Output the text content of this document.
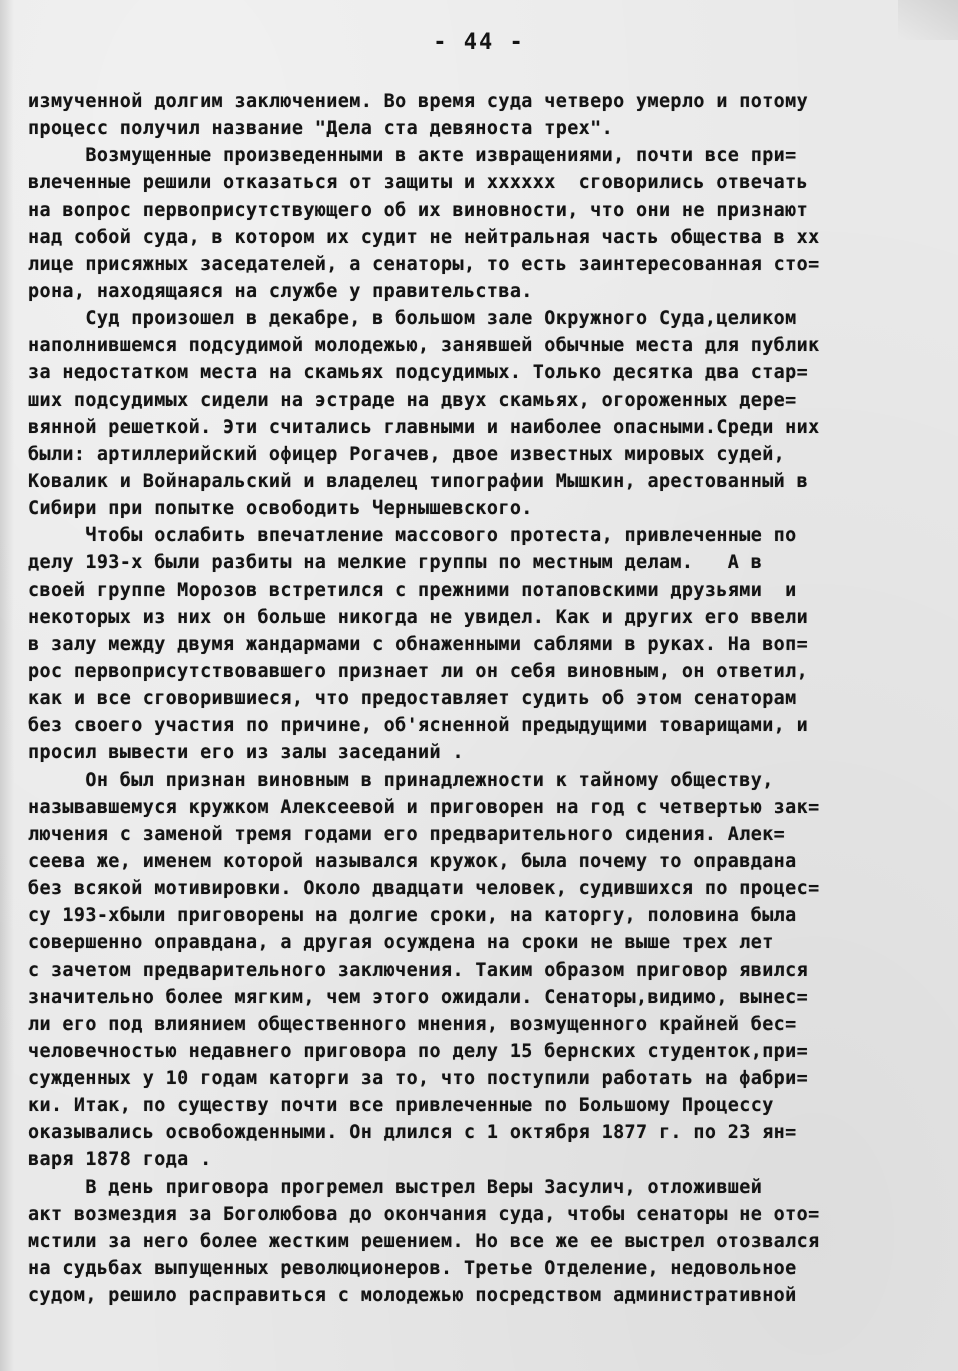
- 44 -
измученной долгим заключением. Во время суда четверо умерло и потому
процесс получил название "Дела ста девяноста трех".
Возмущенные произведенными в акте извращениями, почти все при=
влеченные решили отказаться от защиты и хххххх  сговорились отвечать
на вопрос первоприсутствующего об их виновности, что они не признают
над собой суда, в котором их судит не нейтральная часть общества в хх
лице присяжных заседателей, а сенаторы, то есть заинтересованная сто=
рона, находящаяся на службе у правительства.
Суд произошел в декабре, в большом зале Окружного Суда,целиком
наполнившемся подсудимой молодежью, занявшей обычные места для публик
за недостатком места на скамьях подсудимых. Только десятка два стар=
ших подсудимых сидели на эстраде на двух скамьях, огороженных дере=
вянной решеткой. Эти считались главными и наиболее опасными.Среди них
были: артиллерийский офицер Рогачев, двое известных мировых судей,
Ковалик и Войнаральский и владелец типографии Мышкин, арестованный в
Сибири при попытке освободить Чернышевского.
Чтобы ослабить впечатление массового протеста, привлеченные по
делу 193-х были разбиты на мелкие группы по местным делам.   А в
своей группе Морозов встретился с прежними потаповскими друзьями  и
некоторых из них он больше никогда не увидел. Как и других его ввели
в залу между двумя жандармами с обнаженными саблями в руках. На воп=
рос первоприсутствовавшего признает ли он себя виновным, он ответил,
как и все сговорившиеся, что предоставляет судить об этом сенаторам
без своего участия по причине, об'ясненной предыдущими товарищами, и
просил вывести его из залы заседаний .
Он был признан виновным в принадлежности к тайному обществу,
называвшемуся кружком Алексеевой и приговорен на год с четвертью зак=
лючения с заменой тремя годами его предварительного сидения. Алек=
сеева же, именем которой назывался кружок, была почему то оправдана
без всякой мотивировки. Около двадцати человек, судившихся по процес=
су 193-хбыли приговорены на долгие сроки, на каторгу, половина была
совершенно оправдана, а другая осуждена на сроки не выше трех лет
с зачетом предварительного заключения. Таким образом приговор явился
значительно более мягким, чем этого ожидали. Сенаторы,видимо, вынес=
ли его под влиянием общественного мнения, возмущенного крайней бес=
человечностью недавнего приговора по делу 15 бернских студенток,при=
сужденных у 10 годам каторги за то, что поступили работать на фабри=
ки. Итак, по существу почти все привлеченные по Большому Процессу
оказывались освобожденными. Он длился с 1 октября 1877 г. по 23 ян=
варя 1878 года .
В день приговора прогремел выстрел Веры Засулич, отложившей
акт возмездия за Боголюбова до окончания суда, чтобы сенаторы не ото=
мстили за него более жестким решением. Но все же ее выстрел отозвался
на судьбах выпущенных революционеров. Третье Отделение, недовольное
судом, решило расправиться с молодежью посредством административной
